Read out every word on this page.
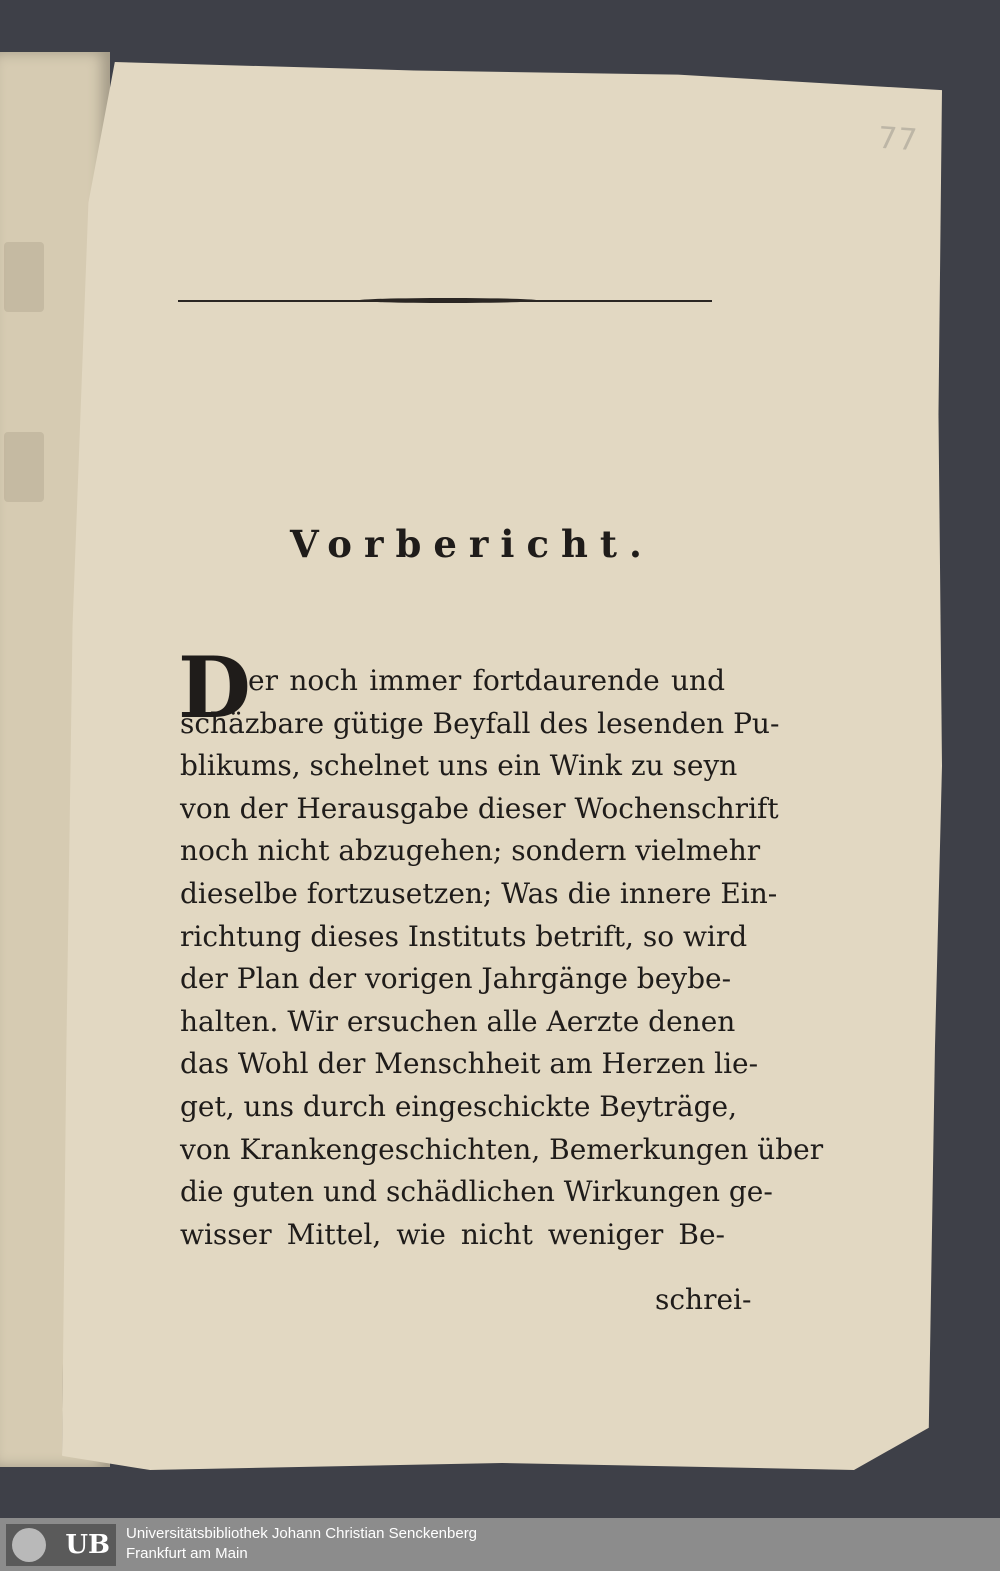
77
Vorbericht.
D
er noch immer fortdaurende und
schäzbare gütige Beyfall des lesenden Pu-
blikums, schelnet uns ein Wink zu seyn
von der Herausgabe dieser Wochenschrift
noch nicht abzugehen; sondern vielmehr
dieselbe fortzusetzen; Was die innere Ein-
richtung dieses Instituts betrift, so wird
der Plan der vorigen Jahrgänge beybe-
halten. Wir ersuchen alle Aerzte denen
das Wohl der Menschheit am Herzen lie-
get, uns durch eingeschickte Beyträge,
von Krankengeschichten, Bemerkungen über
die guten und schädlichen Wirkungen ge-
wisser Mittel, wie nicht weniger Be-
schrei-
UB Universitätsbibliothek Johann Christian Senckenberg
Frankfurt am Main
